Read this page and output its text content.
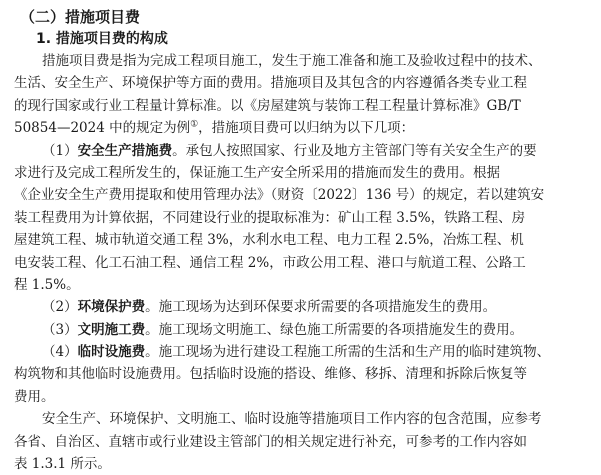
（二）措施项目费
1. 措施项目费的构成
措施项目费是指为完成工程项目施工，发生于施工准备和施工及验收过程中的技术、
生活、安全生产、环境保护等方面的费用。措施项目及其包含的内容遵循各类专业工程
的现行国家或行业工程量计算标准。以《房屋建筑与装饰工程工程量计算标准》GB/T
50854—2024 中的规定为例①，措施项目费可以归纳为以下几项：
（1）安全生产措施费。承包人按照国家、行业及地方主管部门等有关安全生产的要
求进行及完成工程所发生的，保证施工生产安全所采用的措施而发生的费用。根据
《企业安全生产费用提取和使用管理办法》（财资〔2022〕136 号）的规定，若以建筑安
装工程费用为计算依据，不同建设行业的提取标准为：矿山工程 3.5%，铁路工程、房
屋建筑工程、城市轨道交通工程 3%，水利水电工程、电力工程 2.5%，冶炼工程、机
电安装工程、化工石油工程、通信工程 2%，市政公用工程、港口与航道工程、公路工
程 1.5%。
（2）环境保护费。施工现场为达到环保要求所需要的各项措施发生的费用。
（3）文明施工费。施工现场文明施工、绿色施工所需要的各项措施发生的费用。
（4）临时设施费。施工现场为进行建设工程施工所需的生活和生产用的临时建筑物、
构筑物和其他临时设施费用。包括临时设施的搭设、维修、移拆、清理和拆除后恢复等
费用。
安全生产、环境保护、文明施工、临时设施等措施项目工作内容的包含范围，应参考
各省、自治区、直辖市或行业建设主管部门的相关规定进行补充，可参考的工作内容如
表 1.3.1 所示。
